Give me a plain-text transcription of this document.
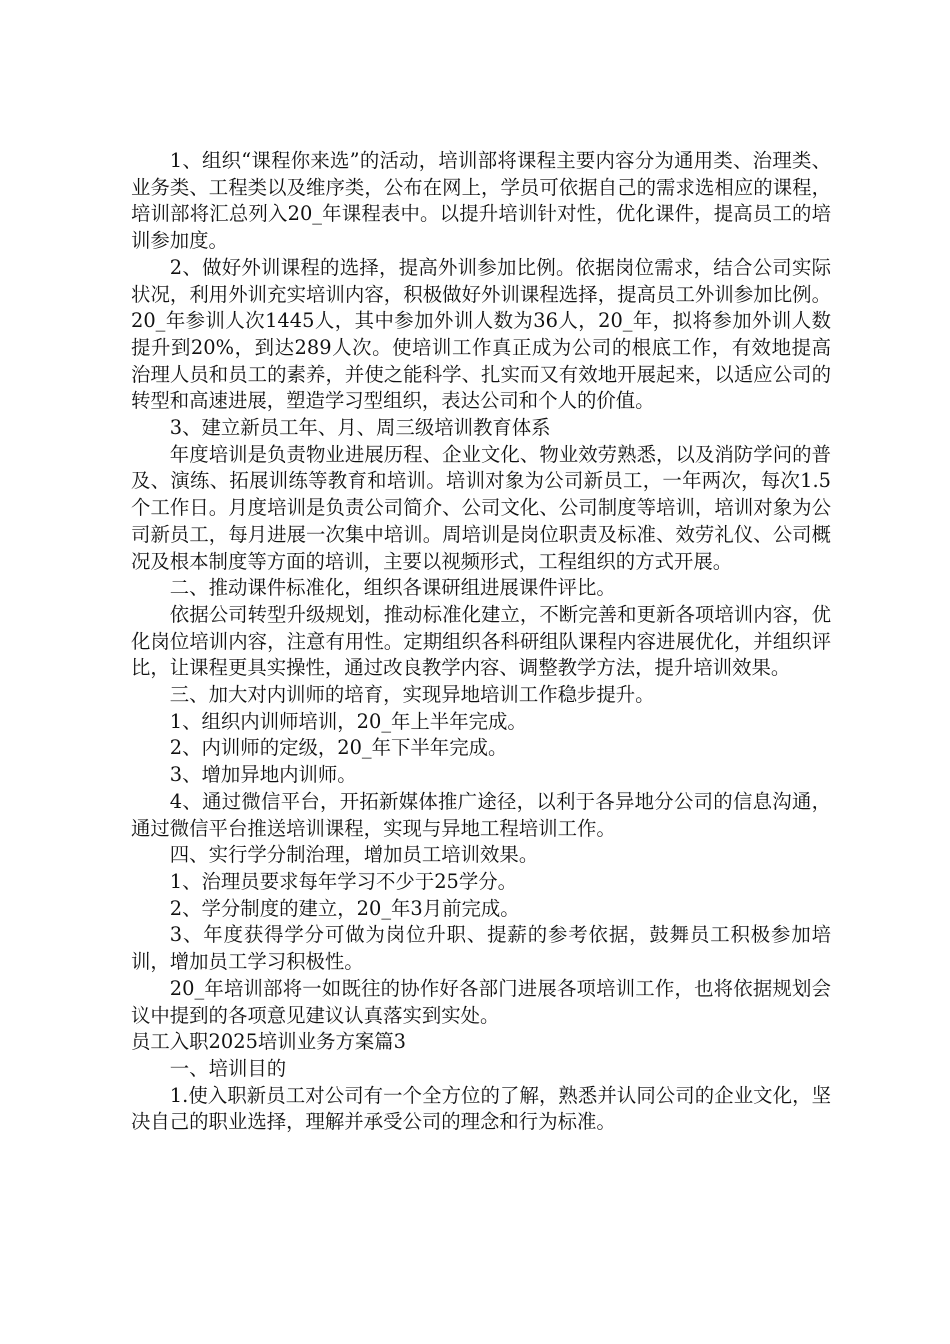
1、组织“课程你来选”的活动，培训部将课程主要内容分为通用类、治理类、业务类、工程类以及维序类，公布在网上，学员可依据自己的需求选相应的课程，培训部将汇总列入20_年课程表中。以提升培训针对性，优化课件，提高员工的培训参加度。

2、做好外训课程的选择，提高外训参加比例。依据岗位需求，结合公司实际状况，利用外训充实培训内容，积极做好外训课程选择，提高员工外训参加比例。20_年参训人次1445人，其中参加外训人数为36人，20_年，拟将参加外训人数提升到20%，到达289人次。使培训工作真正成为公司的根底工作，有效地提高治理人员和员工的素养，并使之能科学、扎实而又有效地开展起来，以适应公司的转型和高速进展，塑造学习型组织，表达公司和个人的价值。

3、建立新员工年、月、周三级培训教育体系

年度培训是负责物业进展历程、企业文化、物业效劳熟悉，以及消防学问的普及、演练、拓展训练等教育和培训。培训对象为公司新员工，一年两次，每次1.5个工作日。月度培训是负责公司简介、公司文化、公司制度等培训，培训对象为公司新员工，每月进展一次集中培训。周培训是岗位职责及标准、效劳礼仪、公司概况及根本制度等方面的培训，主要以视频形式，工程组织的方式开展。

二、推动课件标准化，组织各课研组进展课件评比。

依据公司转型升级规划，推动标准化建立，不断完善和更新各项培训内容，优化岗位培训内容，注意有用性。定期组织各科研组队课程内容进展优化，并组织评比，让课程更具实操性，通过改良教学内容、调整教学方法，提升培训效果。

三、加大对内训师的培育，实现异地培训工作稳步提升。

1、组织内训师培训，20_年上半年完成。

2、内训师的定级，20_年下半年完成。

3、增加异地内训师。

4、通过微信平台，开拓新媒体推广途径，以利于各异地分公司的信息沟通，通过微信平台推送培训课程，实现与异地工程培训工作。

四、实行学分制治理，增加员工培训效果。

1、治理员要求每年学习不少于25学分。

2、学分制度的建立，20_年3月前完成。

3、年度获得学分可做为岗位升职、提薪的参考依据，鼓舞员工积极参加培训，增加员工学习积极性。

20_年培训部将一如既往的协作好各部门进展各项培训工作，也将依据规划会议中提到的各项意见建议认真落实到实处。

员工入职2025培训业务方案篇3

一、培训目的

1.使入职新员工对公司有一个全方位的了解，熟悉并认同公司的企业文化，坚决自己的职业选择，理解并承受公司的理念和行为标准。
